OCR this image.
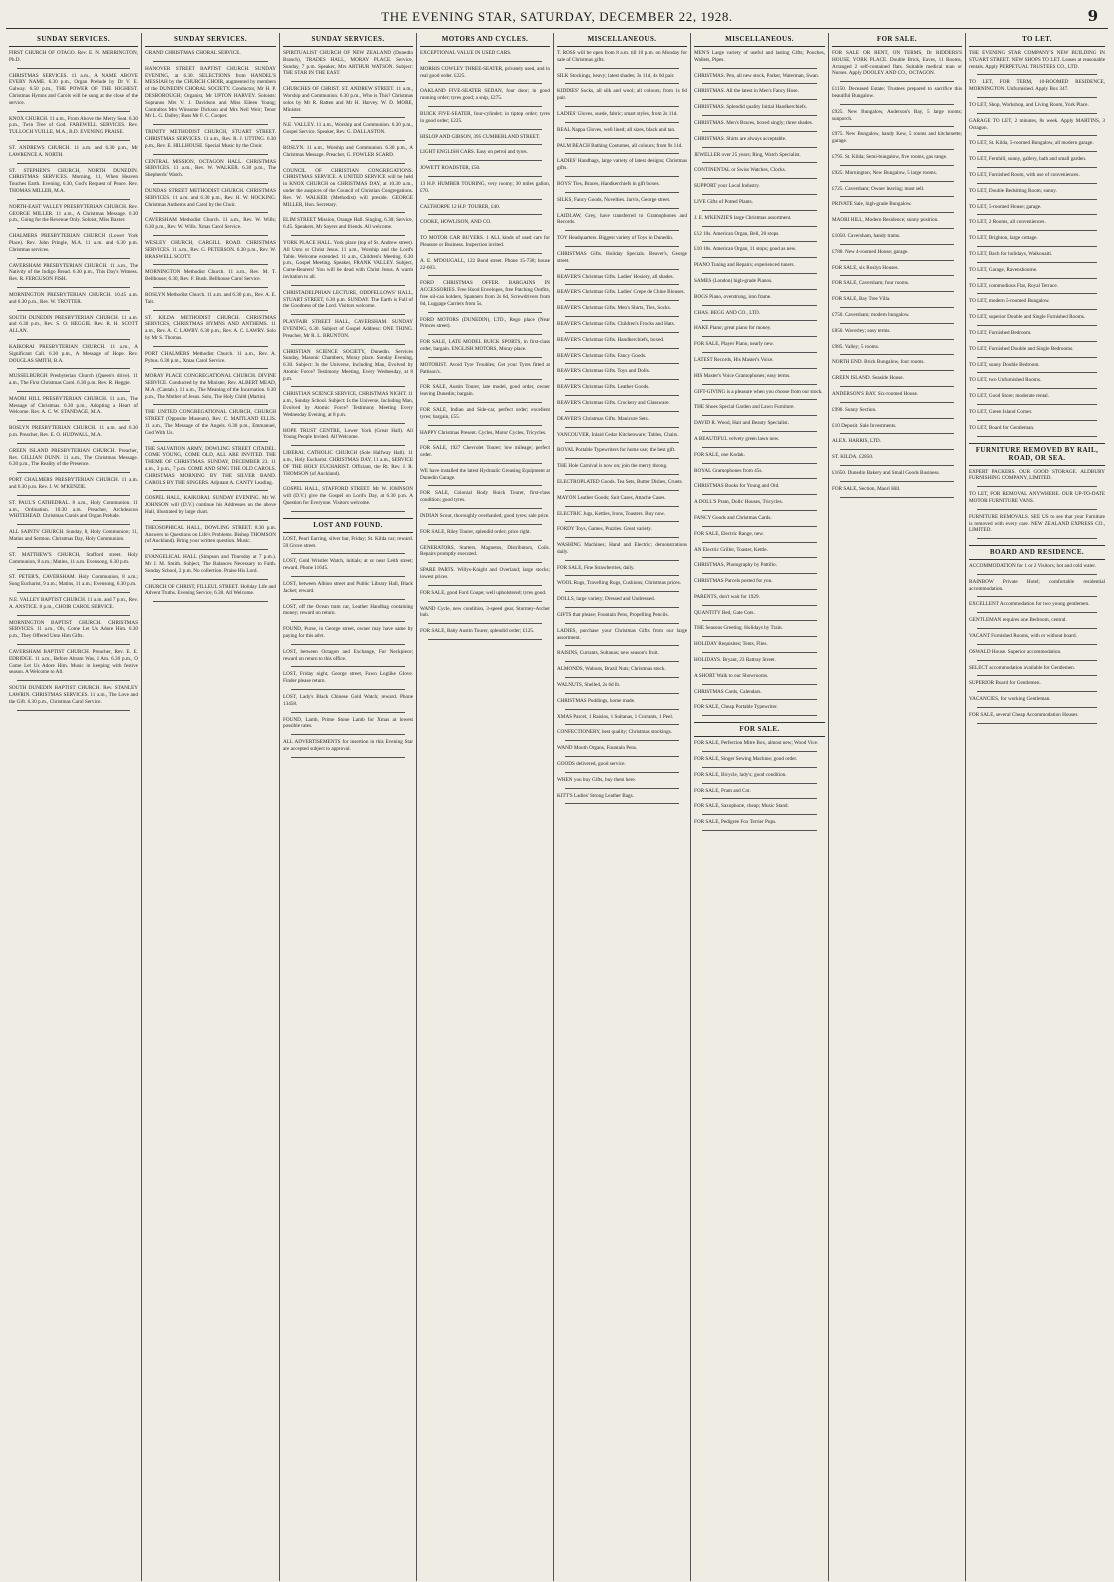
THE EVENING STAR, SATURDAY, DECEMBER 22, 1928.	9
SUNDAY SERVICES.

FIRST CHURCH OF OTAGO. Rev. E. N. MERRINGTON, Ph.D.

CHRISTMAS SERVICES. 11 a.m., A NAME ABOVE EVERY NAME. 6.30 p.m., Organ Prelude by Dr V. E. Galway. 6.50 p.m., THE POWER OF THE HIGHEST. Christmas Hymns and Carols will be sung at the close of the service.

KNOX CHURCH. 11 a.m., From Above the Merry Seat. 6.30 p.m., Twin Tree of God. FAREWELL SERVICES. Rev. TULLOCH YUILLE, M.A., B.D. EVENING PRAISE.

ST. ANDREWS CHURCH. 11 a.m. and 6.30 p.m., Mr LAWRENCE A. NORTH.

ST. STEPHEN'S CHURCH, NORTH DUNEDIN. CHRISTMAS SERVICES. Morning, 11, When Heaven Touches Earth. Evening, 6.30, God's Request of Peace. Rev. THOMAS MILLER, M.A.

NORTH-EAST VALLEY PRESBYTERIAN CHURCH. Rev. GEORGE MILLER. 11 a.m., A Christmas Message. 6.30 p.m., Going for the Revenue Only. Soloist, Miss Baxter.

CHALMERS PRESBYTERIAN CHURCH (Lower York Place). Rev. John Pringle, M.A. 11 a.m. and 6.30 p.m. Christmas services.

CAVERSHAM PRESBYTERIAN CHURCH. 11 a.m., The Nativity of the Indigo Bread. 6.30 p.m., This Day's Witness. Rev. R. FERGUSON FISH.

MORNINGTON PRESBYTERIAN CHURCH. 10.45 a.m. and 6.30 p.m., Rev. W. TROTTER.

SOUTH DUNEDIN PRESBYTERIAN CHURCH. 11 a.m. and 6.30 p.m., Rev. S. O. HEGGIE. Rev. R. H. SCOTT ALLAN.

KAIKORAI PRESBYTERIAN CHURCH. 11 a.m., A Significant Call. 6.30 p.m., A Message of Hope. Rev. DOUGLAS SMITH, B.A.

MUSSELBURGH Presbyterian Church (Queen's drive). 11 a.m., The First Christmas Carol. 6.30 p.m. Rev. R. Heggie.

MAORI HILL PRESBYTERIAN CHURCH. 11 a.m., The Message of Christmas. 6.30 p.m., Adopting a Heart of Welcome. Rev. A. C. W. STANDAGE, M.A.

ROSLYN PRESBYTERIAN CHURCH. 11 a.m. and 6.30 p.m. Preacher, Rev. E. O. HUDWALL, M.A.

GREEN ISLAND PRESBYTERIAN CHURCH. Preacher, Rev. GILLIAN DUNN. 11 a.m., The Christmas Message. 6.30 p.m., The Reality of the Presence.

PORT CHALMERS PRESBYTERIAN CHURCH. 11 a.m. and 6.30 p.m. Rev. J. W. M'KENZIE.

ST. PAUL'S CATHEDRAL. 8 a.m., Holy Communion. 11 a.m., Ordination. 10.30 a.m. Preacher, Archdeacon WHITEHEAD. Christmas Carols and Organ Prelude.

ALL SAINTS' CHURCH. Sunday, 8, Holy Communion; 11, Matins and Sermon. Christmas Day, Holy Communion.

ST. MATTHEW'S CHURCH, Stafford street. Holy Communion, 8 a.m.; Matins, 11 a.m. Evensong, 6.30 p.m.

ST. PETER'S, CAVERSHAM. Holy Communion, 8 a.m.; Sung Eucharist, 9 a.m.; Matins, 11 a.m.; Evensong, 6.30 p.m.

N.E. VALLEY BAPTIST CHURCH. 11 a.m. and 7 p.m., Rev. A. ANSTICE. 8 p.m., CHOIR CAROL SERVICE.

MORNINGTON BAPTIST CHURCH. CHRISTMAS SERVICES. 11 a.m., Oh, Come Let Us Adore Him. 6.30 p.m., They Offered Unto Him Gifts.

CAVERSHAM BAPTIST CHURCH. Preacher, Rev. E. E. EDRIDGE. 11 a.m., Before Abram Was, I Am. 6.30 p.m., O Come Let Us Adore Him. Music in keeping with festive season. A Welcome to All.

SOUTH DUNEDIN BAPTIST CHURCH. Rev. STANLEY LAWRIN. CHRISTMAS SERVICES. 11 a.m., The Love and the Gift. 6.30 p.m., Christmas Carol Service.

SUNDAY SERVICES.

GRAND CHRISTMAS CHORAL SERVICE.

HANOVER STREET BAPTIST CHURCH. SUNDAY EVENING, at 6.30. SELECTIONS from HANDEL'S MESSIAH by the CHURCH CHOIR, augmented by members of the DUNEDIN CHORAL SOCIETY. Conductor, Mr H. P. DESBOROUGH; Organist, Mr UPTON HARVEY. Soloists: Sopranos Mrs V. J. Davidson and Miss Eileen Young; Contraltos Mrs Winsome Dickson and Mrs Neil Weir; Tenor Mr L. G. Dalley; Bass Mr F. C. Cooper.

TRINITY METHODIST CHURCH, STUART STREET. CHRISTMAS SERVICES. 11 a.m., Rev. R. J. UTTING. 6.30 p.m., Rev. E. HILLHOUSE. Special Music by the Choir.

CENTRAL MISSION, OCTAGON HALL. CHRISTMAS SERVICES. 11 a.m., Rev. W. WALKER. 6.30 p.m., The Shepherds' Watch.

DUNDAS STREET METHODIST CHURCH. CHRISTMAS SERVICES. 11 a.m. and 6.30 p.m., Rev. H. W. HOCKING. Christmas Anthems and Carol by the Choir.

CAVERSHAM Methodist Church. 11 a.m., Rev. W. Wills; 6.30 p.m., Rev. W. Wills. Xmas Carol Service.

WESLEY CHURCH, CARGILL ROAD. CHRISTMAS SERVICES. 11 a.m., Rev. G. PETERSON. 6.30 p.m., Rev. W. BRASWELL SCOTT.

MORNINGTON Methodist Church. 11 a.m., Rev. M. T. Bellhouse; 6.30, Rev. F. Bush. Bellhouse Carol Service.

ROSLYN Methodist Church. 11 a.m. and 6.30 p.m., Rev. A. E. Tait.

ST. KILDA METHODIST CHURCH. CHRISTMAS SERVICES, CHRISTMAS HYMNS AND ANTHEMS. 11 a.m., Rev. A. C. LAWRY. 6.30 p.m., Rev. A. C. LAWRY. Solo by Mr S. Thomas.

PORT CHALMERS Methodist Church. 11 a.m., Rev. A. Pybus. 6.30 p.m., Xmas Carol Service.

MORAY PLACE CONGREGATIONAL CHURCH. DIVINE SERVICE. Conducted by the Minister, Rev. ALBERT MEAD, M.A. (Cantab.). 11 a.m., The Meaning of the Incarnation. 6.30 p.m., The Mother of Jesus. Solo, The Holy Child (Martin).

THE UNITED CONGREGATIONAL CHURCH, CHURCH STREET (Opposite Museum). Rev. C. MAITLAND ELLIS. 11 a.m., The Message of the Angels. 6.30 p.m., Emmanuel, God With Us.

THE SALVATION ARMY, DOWLING STREET CITADEL. COME YOUNG, COME OLD, ALL ARE INVITED. THE THEME OF CHRISTMAS. SUNDAY, DECEMBER 23. 11 a.m., 3 p.m., 7 p.m. COME AND SING THE OLD CAROLS. CHRISTMAS MORNING BY THE SILVER BAND. CAROLS BY THE SINGERS. Adjutant A. CANTY Leading.

GOSPEL HALL, KAIKORAI. SUNDAY EVENING. Mr W. JOHNSON will (D.V.) continue his Addresses on the above Hall, illustrated by large chart.

THEOSOPHICAL HALL, DOWLING STREET. 8.30 p.m. Answers to Questions on Life's Problems. Bishop THOMSON (of Auckland). Bring your written question. Music.

EVANGELICAL HALL (Simpson and Thursday at 7 p.m.). Mr J. M. Smith. Subject, The Balances Necessary to Faith. Sunday School, 2 p.m. No collection. Praise His Lord.

CHURCH OF CHRIST, FILLEUL STREET. Holiday Life and Advent Truths. Evening Service, 6.30. All Welcome.

SUNDAY SERVICES.

SPIRITUALIST CHURCH OF NEW ZEALAND (Dunedin Branch), TRADES HALL, MORAY PLACE. Service, Sunday, 7 p.m. Speaker, Mrs ARTHUR WATSON. Subject: THE STAR IN THE EAST.

CHURCHES OF CHRIST. ST. ANDREW STREET. 11 a.m., Worship and Communion. 6.30 p.m., Who is This? Christmas solos by Mr R. Ratten and Mr H. Harvey. W. D. MORE, Minister.

N.E. VALLEY. 11 a.m., Worship and Communion. 6.30 p.m., Gospel Service. Speaker, Rev. G. DALLASTON.

ROSLYN. 11 a.m., Worship and Communion. 6.30 p.m., A Christmas Message. Preacher, G. FOWLER SCARD.

COUNCIL OF CHRISTIAN CONGREGATIONS. CHRISTMAS SERVICE. A UNITED SERVICE will be held in KNOX CHURCH on CHRISTMAS DAY, at 10.30 a.m., under the auspices of the Council of Christian Congregations. Rev. W. WALKER (Methodist) will preside. GEORGE MILLER, Hon. Secretary.

ELIM STREET Mission, Orange Hall. Singing, 6.30; Service, 6.45. Speakers, Mr Sayers and friends. All welcome.

YORK PLACE HALL. York place (top of St. Andrew street). All Unto or Christ Jesus. 11 a.m., Worship and the Lord's Table. Welcome extended. 11 a.m., Children's Meeting. 6.30 p.m., Gospel Meeting. Speaker, FRANK VALLEY. Subject, Curse-Bearers! You will be dead with Christ Jesus. A warm invitation to all.

CHRISTADELPHIAN LECTURE, ODDFELLOWS' HALL, STUART STREET, 6.30 p.m. SUNDAY. The Earth is Full of the Goodness of the Lord. Visitors welcome.

PLAYFAIR STREET HALL, CAVERSHAM. SUNDAY EVENING, 6.30. Subject of Gospel Address: ONE THING. Preacher, Mr R. L. BRUNTON.

CHRISTIAN SCIENCE SOCIETY, Dunedin. Services Sunday, Masonic Chambers, Moray place. Sunday Evening, 6.30. Subject: Is the Universe, Including Man, Evolved by Atomic Force? Testimony Meeting, Every Wednesday, at 8 p.m.

CHRISTIAN SCIENCE SERVICE, CHRISTMAS NIGHT. 11 a.m., Sunday School. Subject: Is the Universe, Including Man, Evolved by Atomic Force? Testimony Meeting Every Wednesday Evening, at 8 p.m.

HOPE TRUST CENTRE, Lower York (Great Hall). All Young People Invited. All Welcome.

LIBERAL CATHOLIC CHURCH (Sole Halfway Hall). 11 a.m., Holy Eucharist. CHRISTMAS DAY, 11 a.m., SERVICE OF THE HOLY EUCHARIST. Officiant, the Rt. Rev. J. R. THOMSON (of Auckland).

GOSPEL HALL, STAFFORD STREET. Mr W. JOHNSON will (D.V.) give the Gospel on Lord's Day, at 6.30 p.m. A Question for Everyone. Visitors welcome.

LOST AND FOUND.

LOST, Pearl Earring, silver bar, Friday; St. Kilda car; reward. 59 Grove street.

LOST, Gold Wristlet Watch, initials; at or near Leith street; reward. Phone 11645.

LOST, between Albion street and Public Library Hall, Black Jacket; reward.

LOST, off the Ocean tram car, Leather Handbag containing money; reward on return.

FOUND, Purse, in George street, owner may have same by paying for this advt.

LOST, between Octagon and Exchange, Fur Neckpiece; reward on return to this office.

LOST, Friday night, George street, Fawn Loglike Glove. Finder please return.

LOST, Lady's Black Chinese Gold Watch; reward. Phone 13458.

FOUND, Lamb, Prime Stone Lamb for Xmas at lowest possible rates.

ALL ADVERTISEMENTS for insertion in this Evening Star are accepted subject to approval.

MOTORS AND CYCLES.

EXCEPTIONAL VALUE IN USED CARS.

MORRIS COWLEY THREE-SEATER, privately used, and in real good order. £225.

OAKLAND FIVE-SEATER SEDAN, four door; in good running order; tyres good; a snip, £275.

BUICK FIVE-SEATER, four-cylinder; in tiptop order; tyres in good order; £225.

HISLOP AND GIBSON, 395 CUMBERLAND STREET.

LIGHT ENGLISH CARS. Easy on petrol and tyres.

JOWETT ROADSTER, £50.

13 H.P. HUMBER TOURING, very roomy; 30 miles gallon, £70.

CALTHORPE 12 H.P. TOURER, £40.

COOKE, HOWLISON, AND CO.

TO MOTOR CAR BUYERS. 1 ALL kinds of used cars for Pleasure or Business. Inspection invited.

A. E. M'DOUGALL, 122 Bond street. Phone 15-738; house 22-603.

FORD CHRISTMAS OFFER. BARGAINS IN ACCESSORIES. Free Hood Envelopes, free Patching Outfits, free oil-can holders, Spanners from 2s 6d, Screwdrivers from 6d, Luggage Carriers from 5s.

FORD MOTORS (DUNEDIN), LTD., Rego place (Near Princes street).

FOR SALE, LATE MODEL BUICK SPORTS, in first-class order, bargain. ENGLISH MOTORS, Moray place.

MOTORIST. Avoid Tyre Troubles; Get your Tyres fitted at Pattison's.

FOR SALE, Austin Tourer, late model, good order, owner leaving Dunedin; bargain.

FOR SALE, Indian and Side-car, perfect order; excellent tyres; bargain, £55.

HAPPY Christmas Present. Cycles, Motor Cycles, Tricycles.

FOR SALE, 1927 Chevrolet Tourer; low mileage; perfect order.

WE have installed the latest Hydraulic Greasing Equipment at Dunedin Garage.

FOR SALE, Colonial Body Buick Tourer, first-class condition; good tyres.

INDIAN Scout, thoroughly overhauled; good tyres; sale price.

FOR SALE, Riley Tourer, splendid order; price right.

GENERATORS, Starters, Magnetos, Distributors, Coils. Repairs promptly executed.

SPARE PARTS. Willys-Knight and Overland; large stocks; lowest prices.

FOR SALE, good Ford Coupe; well upholstered; tyres good.

WAND Cycle, new condition, 3-speed gear, Sturmey-Archer hub.

FOR SALE, Baby Austin Tourer, splendid order; £125.

MISCELLANEOUS.

T. ROSS will be open from 8 a.m. till 10 p.m. on Monday for sale of Christmas gifts.

SILK Stockings, heavy; latest shades; 3s 11d, 4s 6d pair.

KIDDIES' Socks, all silk and wool; all colours; from 1s 6d pair.

LADIES' Gloves, suede, fabric; smart styles, from 2s 11d.

REAL Nappa Gloves, well lined; all sizes, black and tan.

PALM BEACH Bathing Costumes, all colours; from 9s 11d.

LADIES' Handbags, large variety of latest designs; Christmas gifts.

BOYS' Ties, Braces, Handkerchiefs in gift boxes.

SILKS, Fancy Goods, Novelties. Jarvis, George street.

LAIDLAW, Grey, have transferred to Gramophones and Records.

TOY Headquarters. Biggest variety of Toys in Dunedin.

CHRISTMAS Gifts. Holiday Specials. Beaver's, George street.

BEAVER'S Christmas Gifts. Ladies' Hosiery, all shades.

BEAVER'S Christmas Gifts. Ladies' Crepe de Chine Blouses.

BEAVER'S Christmas Gifts. Men's Shirts, Ties, Socks.

BEAVER'S Christmas Gifts. Children's Frocks and Hats.

BEAVER'S Christmas Gifts. Handkerchiefs, boxed.

BEAVER'S Christmas Gifts. Fancy Goods.

BEAVER'S Christmas Gifts. Toys and Dolls.

BEAVER'S Christmas Gifts. Leather Goods.

BEAVER'S Christmas Gifts. Crockery and Glassware.

DEAVER'S Christmas Gifts. Manicure Sets.

VANCOUVER, Inlaid Cedar Kitchenware; Tables, Chairs.

ROYAL Portable Typewriters for home use; the best gift.

THE Hole Carnival is now on; join the merry throng.

ELECTROPLATED Goods. Tea Sets, Butter Dishes, Cruets.

MAYON Leather Goods; Suit Cases, Attache Cases.

ELECTRIC Jugs, Kettles, Irons, Toasters. Buy now.

FORDY Toys, Games, Puzzles. Great variety.

WASHING Machines; Hand and Electric; demonstrations daily.

FOR SALE, Fine Strawberries, daily.

WOOL Rugs, Travelling Rugs, Cushions; Christmas prices.

DOLLS, large variety; Dressed and Undressed.

GIFTS that please; Fountain Pens, Propelling Pencils.

LADIES, purchase your Christmas Gifts from our large assortment.

RAISINS, Currants, Sultanas; new season's fruit.

ALMONDS, Walnuts, Brazil Nuts; Christmas stock.

WALNUTS, Shelled, 2s 6d lb.

CHRISTMAS Puddings, home made.

XMAS Parcel, 1 Raisins, 1 Sultanas, 1 Currants, 1 Peel.

CONFECTIONERY, best quality; Christmas stockings.

WAND Mouth Organs, Fountain Pens.

GOODS delivered, good service.

WHEN you buy Gifts, buy them here.

KITT'S Ladies' Strong Leather Bags.

MISCELLANEOUS.

MEN'S Large variety of useful and lasting Gifts; Pouches, Wallets, Pipes.

CHRISTMAS. Pen, all new stock, Parker, Waterman, Swan.

CHRISTMAS. All the latest in Men's Fancy Hose.

CHRISTMAS. Splendid quality Initial Handkerchiefs.

CHRISTMAS. Men's Braces, boxed singly; three shades.

CHRISTMAS. Shirts are always acceptable.

JEWELLER over 25 years; Ring, Watch Specialist.

CONTINENTAL or Swiss Watches, Clocks.

SUPPORT your Local Industry.

LIVE Gifts of Potted Plants.

J. E. M'KENZIE'S large Christmas assortment.

£12 10s. American Organ, Bell, 20 stops.

£10 10s. American Organ, 11 stops; good as new.

PIANO Tuning and Repairs; experienced tuners.

SAMES (London) high-grade Pianos.

BOGS Piano, overstrung, iron frame.

CHAS. BEGG AND CO., LTD.

HAKE Piano; great piano for money.

FOR SALE, Player Piano, nearly new.

LATEST Records, His Master's Voice.

HIS Master's Voice Gramophones; easy terms.

GIFT-GIVING is a pleasure when you choose from our stock.

THE Shoes Special Garden and Lawn Furniture.

DAVID R. Wood, Hair and Beauty Specialist.

A BEAUTIFUL velvety green lawn now.

FOR SALE, one Kodak.

ROYAL Gramophones from 45s.

CHRISTMAS Books for Young and Old.

A DOLL'S Pram, Dolls' Houses, Tricycles.

FANCY Goods and Christmas Cards.

FOR SALE, Electric Range, new.

AN Electric Griller, Toaster, Kettle.

CHRISTMAS, Photography by Pattillo.

CHRISTMAS Parcels posted for you.

PARENTS, don't wait for 1929.

QUANTITY Bed, Gate Cots.

THE Seasons Greeting. Holidays by Train.

HOLIDAY Requisites; Tents, Flies.

HOLIDAYS. Bryant, 23 Rattray Street.

A SHORT Walk to our Showrooms.

CHRISTMAS Cards, Calendars.

FOR SALE, Cheap Portable Typewriter.

FOR SALE.

FOR SALE, Perfection Mitre Box, almost new; Wood Vice.

FOR SALE, Singer Sewing Machine; good order.

FOR SALE, Bicycle, lady's; good condition.

FOR SALE, Pram and Cot.

FOR SALE, Saxophone, cheap; Music Stand.

FOR SALE, Pedigree Fox Terrier Pups.

FOR SALE.

FOR SALE OR RENT, ON TERMS, Dr RIDDERS'S HOUSE, YORK PLACE. Double Brick, Eaves, 11 Rooms, Arranged 2 self-contained flats. Suitable medical man or Nurses. Apply DOOLEY AND CO., OCTAGON.

£1150. Deceased Estate; Trustees prepared to sacrifice this beautiful Bungalow.

£925. New Bungalow, Anderson's Bay, 5 large rooms; sunporch.

£975. New Bungalow, handy Kew, 5 rooms and kitchenette; garage.

£795. St. Kilda; Semi-bungalow, five rooms, gas range.

£925. Mornington; New Bungalow, 5 large rooms.

£725. Caversham; Owner leaving; must sell.

PRIVATE Sale, high-grade Bungalow.

MAORI HILL, Modern Residence; sunny position.

£1050. Caversham, handy trams.

£780. New 4-roomed House; garage.

FOR SALE, six Roslyn Houses.

FOR SALE, Caversham; four rooms.

FOR SALE, Bay Tree Villa.

£750. Caversham; modern bungalow.

£850. Waverley; easy terms.

£985. Valley; 5 rooms.

NORTH END. Brick Bungalow, four rooms.

GREEN ISLAND. Seaside House.

ANDERSON'S BAY. Six-roomed House.

£990. Sunny Section.

£10 Deposit. Sale Investments.

ALEX. HARRIS, LTD.

ST. KILDA. £2850.

£1650. Dunedin Bakery and Small Goods Business.

FOR SALE, Section, Maori Hill.

TO LET.

THE EVENING STAR COMPANY'S NEW BUILDING IN STUART STREET. NEW SHOPS TO LET. Leases at reasonable rentals. Apply PERPETUAL TRUSTEES CO., LTD.

TO LET, FOR TERM, 10-ROOMED RESIDENCE, MORNINGTON. Unfurnished. Apply Box 347.

TO LET, Shop, Workshop, and Living Room, York Place.

GARAGE TO LET, 2 minutes, 8s week. Apply MARTINS, 3 Octagon.

TO LET, St. Kilda, 5-roomed Bungalow, all modern garage.

TO LET, Fernhill, sunny, gallery, bath and small garden.

TO LET, Furnished Room, with use of conveniences.

TO LET, Double Bedsitting Room; sunny.

TO LET, 5-roomed House; garage.

TO LET, 2 Rooms, all conveniences.

TO LET, Brighton, large cottage.

TO LET, Bach for holidays, Waikouaiti.

TO LET, Garage, Ravensbourne.

TO LET, commodious Flat, Royal Terrace.

TO LET, modern 5-roomed Bungalow.

TO LET, superior Double and Single Furnished Rooms.

TO LET, Furnished Bedroom.

TO LET, Furnished Double and Single Bedrooms.

TO LET, sunny Double Bedroom.

TO LET, two Unfurnished Rooms.

TO LET, Good Store; moderate rental.

TO LET, Green Island Corner.

TO LET, Board for Gentleman.

FURNITURE REMOVED BY RAIL, ROAD, OR SEA.

EXPERT PACKERS. OUR GOOD STORAGE. ALDBURY FURNISHING COMPANY, LIMITED.

TO LET, FOR REMOVAL ANYWHERE. OUR UP-TO-DATE MOTOR FURNITURE VANS.

FURNITURE REMOVALS. SEE US to see that your Furniture is removed with every care. NEW ZEALAND EXPRESS CO., LIMITED.

BOARD AND RESIDENCE.

ACCOMMODATION for 1 or 2 Visitors; hot and cold water.

RAINBOW Private Hotel; comfortable residential accommodation.

EXCELLENT Accommodation for two young gentlemen.

GENTLEMAN requires one Bedroom, central.

VACANT Furnished Rooms, with or without board.

OSWALD House. Superior accommodation.

SELECT accommodation available for Gentlemen.

SUPERIOR Board for Gentlemen.

VACANCIES, for working Gentleman.

FOR SALE, several Cheap Accommodation Houses.
